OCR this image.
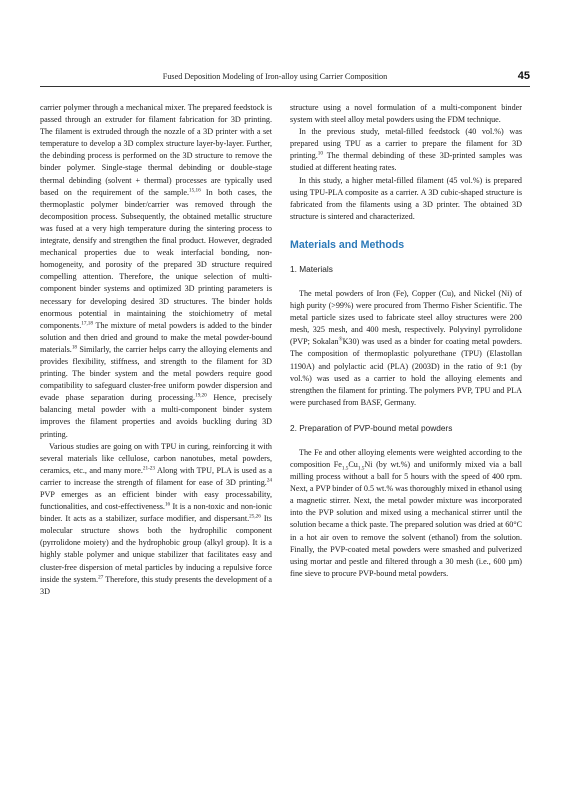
Fused Deposition Modeling of Iron-alloy using Carrier Composition	45

carrier polymer through a mechanical mixer. The prepared feedstock is passed through an extruder for filament fabrication for 3D printing. The filament is extruded through the nozzle of a 3D printer with a set temperature to develop a 3D complex structure layer-by-layer. Further, the debinding process is performed on the 3D structure to remove the binder polymer. Single-stage thermal debinding or double-stage thermal debinding (solvent + thermal) processes are typically used based on the requirement of the sample.$^{15,16}$ In both cases, the thermoplastic polymer binder/carrier was removed through the decomposition process. Subsequently, the obtained metallic structure was fused at a very high temperature during the sintering process to integrate, densify and strengthen the final product. However, degraded mechanical properties due to weak interfacial bonding, non-homogeneity, and porosity of the prepared 3D structure required compelling attention. Therefore, the unique selection of multi-component binder systems and optimized 3D printing parameters is necessary for developing desired 3D structures. The binder holds enormous potential in maintaining the stoichiometry of metal components.$^{17,18}$ The mixture of metal powders is added to the binder solution and then dried and ground to make the metal powder-bound materials.$^{18}$ Similarly, the carrier helps carry the alloying elements and provides flexibility, stiffness, and strength to the filament for 3D printing. The binder system and the metal powders require good compatibility to safeguard cluster-free uniform powder dispersion and evade phase separation during processing.$^{19,20}$ Hence, precisely balancing metal powder with a multi-component binder system improves the filament properties and avoids buckling during 3D printing.

Various studies are going on with TPU in curing, reinforcing it with several materials like cellulose, carbon nanotubes, metal powders, ceramics, etc., and many more.$^{21-23}$ Along with TPU, PLA is used as a carrier to increase the strength of filament for ease of 3D printing.$^{24}$ PVP emerges as an efficient binder with easy processability, functionalities, and cost-effectiveness.$^{16}$ It is a non-toxic and non-ionic binder. It acts as a stabilizer, surface modifier, and dispersant.$^{25,26}$ Its molecular structure shows both the hydrophilic component (pyrrolidone moiety) and the hydrophobic group (alkyl group). It is a highly stable polymer and unique stabilizer that facilitates easy and cluster-free dispersion of metal particles by inducing a repulsive force inside the system.$^{27}$ Therefore, this study presents the development of a 3D

structure using a novel formulation of a multi-component binder system with steel alloy metal powders using the FDM technique.

In the previous study, metal-filled feedstock (40 vol.%) was prepared using TPU as a carrier to prepare the filament for 3D printing.$^{10}$ The thermal debinding of these 3D-printed samples was studied at different heating rates.

In this study, a higher metal-filled filament (45 vol.%) is prepared using TPU-PLA composite as a carrier. A 3D cubic-shaped structure is fabricated from the filaments using a 3D printer. The obtained 3D structure is sintered and characterized.

Materials and Methods
1. Materials

The metal powders of Iron (Fe), Copper (Cu), and Nickel (Ni) of high purity (>99%) were procured from Thermo Fisher Scientific. The metal particle sizes used to fabricate steel alloy structures were 200 mesh, 325 mesh, and 400 mesh, respectively. Polyvinyl pyrrolidone (PVP; Sokalan®K30) was used as a binder for coating metal powders. The composition of thermoplastic polyurethane (TPU) (Elastollan 1190A) and polylactic acid (PLA) (2003D) in the ratio of 9:1 (by vol.%) was used as a carrier to hold the alloying elements and strengthen the filament for printing. The polymers PVP, TPU and PLA were purchased from BASF, Germany.

2. Preparation of PVP-bound metal powders

The Fe and other alloying elements were weighted according to the composition $Fe_{1.5}Cu_{1.5}Ni$ (by wt.%) and uniformly mixed via a ball milling process without a ball for 5 hours with the speed of 400 rpm. Next, a PVP binder of 0.5 wt.% was thoroughly mixed in ethanol using a magnetic stirrer. Next, the metal powder mixture was incorporated into the PVP solution and mixed using a mechanical stirrer until the solution became a thick paste. The prepared solution was dried at 60°C in a hot air oven to remove the solvent (ethanol) from the solution. Finally, the PVP-coated metal powders were smashed and pulverized using mortar and pestle and filtered through a 30 mesh (i.e., 600 µm) fine sieve to procure PVP-bound metal powders.
